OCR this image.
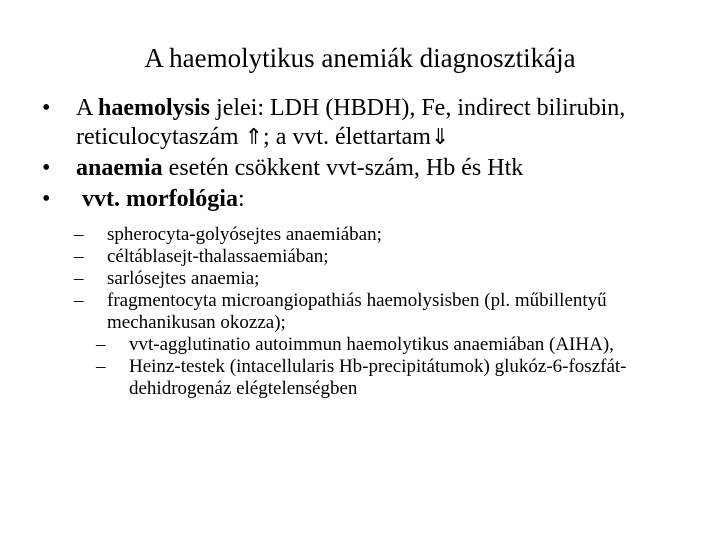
A haemolytikus anemiák diagnosztikája
•	A haemolysis jelei: LDH (HBDH), Fe, indirect bilirubin, reticulocytaszám ⇑; a vvt. élettartam⇓
•	anaemia esetén csökkent vvt-szám, Hb és Htk
•	vvt. morfológia:
– spherocyta-golyósejtes anaemiában;
– céltáblasejt-thalassaemiában;
– sarlósejtes anaemia;
– fragmentocyta microangiopathiás haemolysisben (pl. műbillentyű mechanikusan okozza);
– vvt-agglutinatio autoimmun haemolytikus anaemiában (AIHA),
– Heinz-testek (intacellularis Hb-precipitátumok) glukóz-6-foszfát-dehidrogenáz elégtelenségben
